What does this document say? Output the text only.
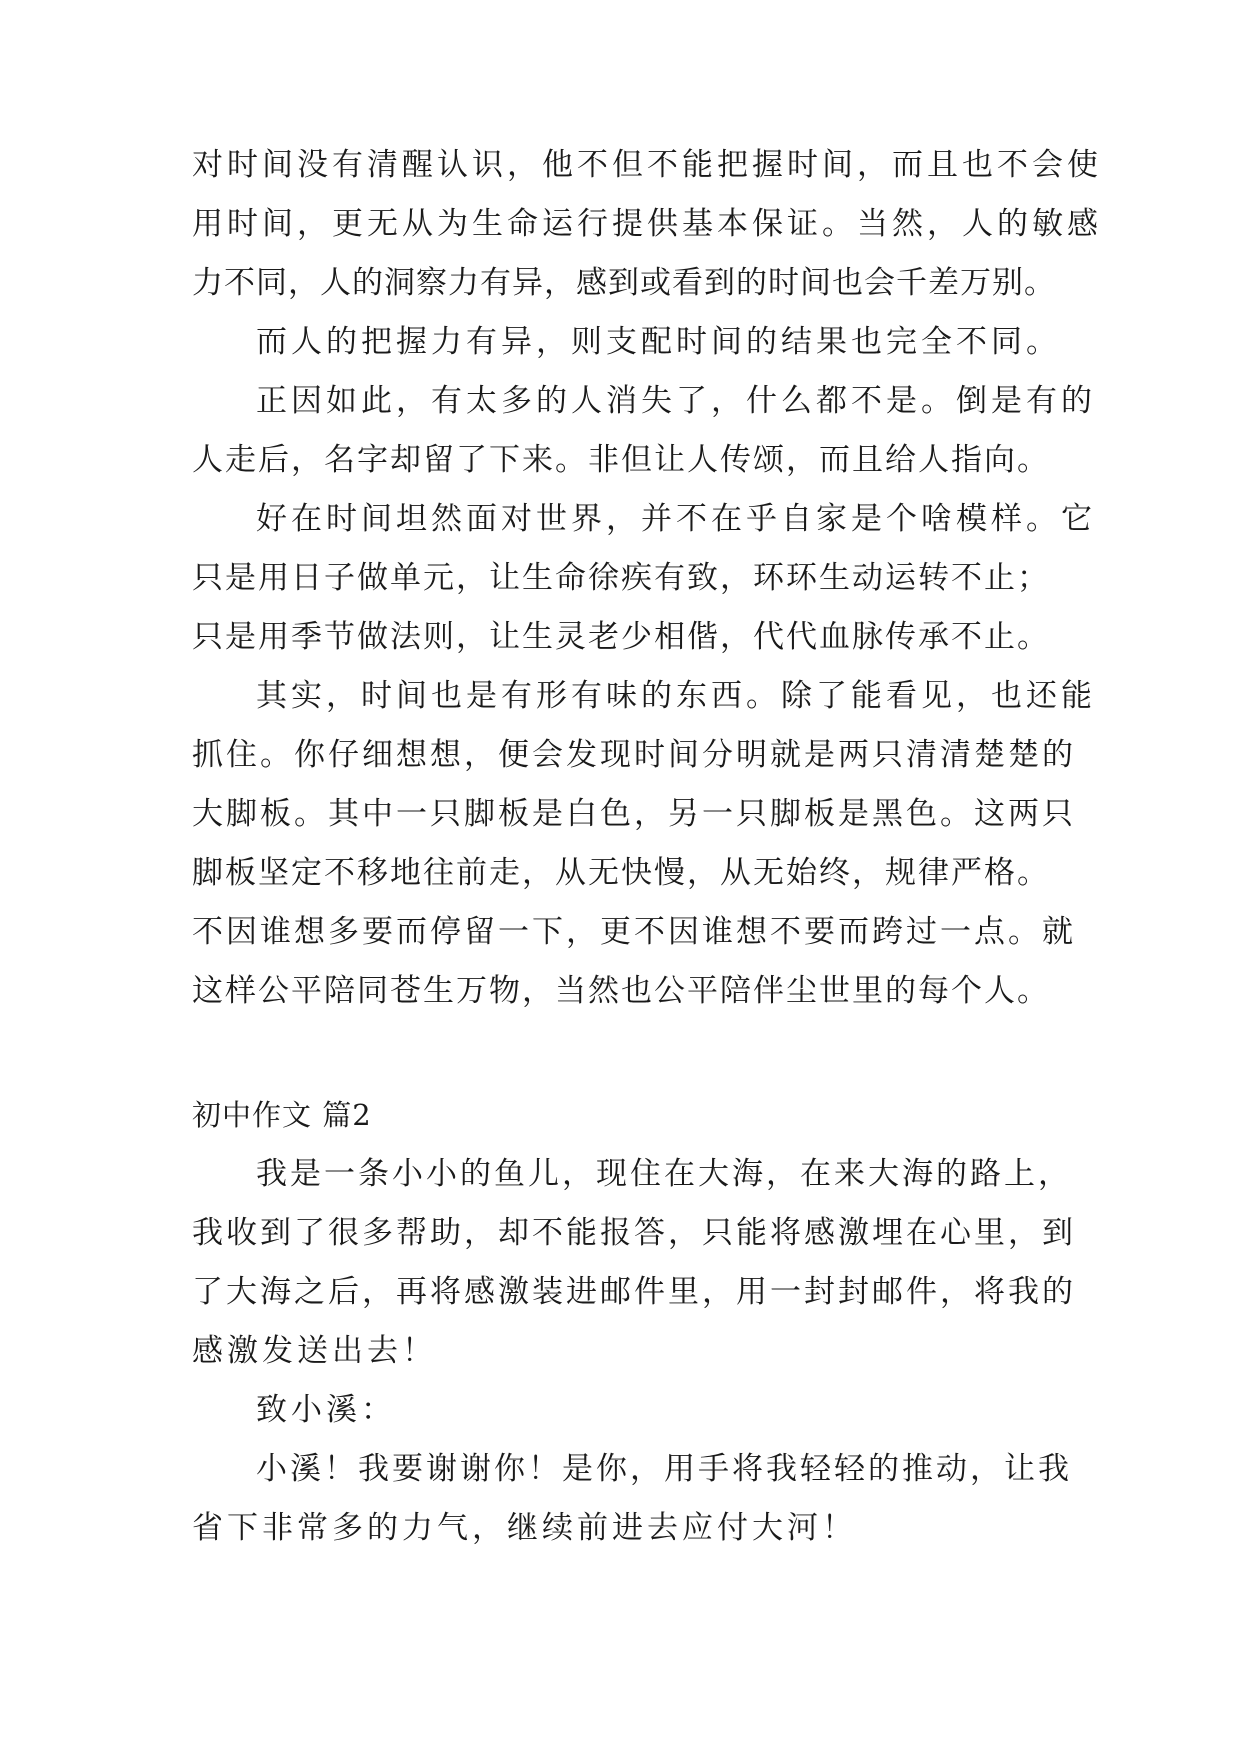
对时间没有清醒认识，他不但不能把握时间，而且也不会使
用时间，更无从为生命运行提供基本保证。当然，人的敏感
力不同，人的洞察力有异，感到或看到的时间也会千差万别。
而人的把握力有异，则支配时间的结果也完全不同。
正因如此，有太多的人消失了，什么都不是。倒是有的
人走后，名字却留了下来。非但让人传颂，而且给人指向。
好在时间坦然面对世界，并不在乎自家是个啥模样。它
只是用日子做单元，让生命徐疾有致，环环生动运转不止；
只是用季节做法则，让生灵老少相偕，代代血脉传承不止。
其实，时间也是有形有味的东西。除了能看见，也还能
抓住。你仔细想想，便会发现时间分明就是两只清清楚楚的
大脚板。其中一只脚板是白色，另一只脚板是黑色。这两只
脚板坚定不移地往前走，从无快慢，从无始终，规律严格。
不因谁想多要而停留一下，更不因谁想不要而跨过一点。就
这样公平陪同苍生万物，当然也公平陪伴尘世里的每个人。
初中作文 篇2
我是一条小小的鱼儿，现住在大海，在来大海的路上，
我收到了很多帮助，却不能报答，只能将感激埋在心里，到
了大海之后，再将感激装进邮件里，用一封封邮件，将我的
感激发送出去！
致小溪：
小溪！我要谢谢你！是你，用手将我轻轻的推动，让我
省下非常多的力气，继续前进去应付大河！
